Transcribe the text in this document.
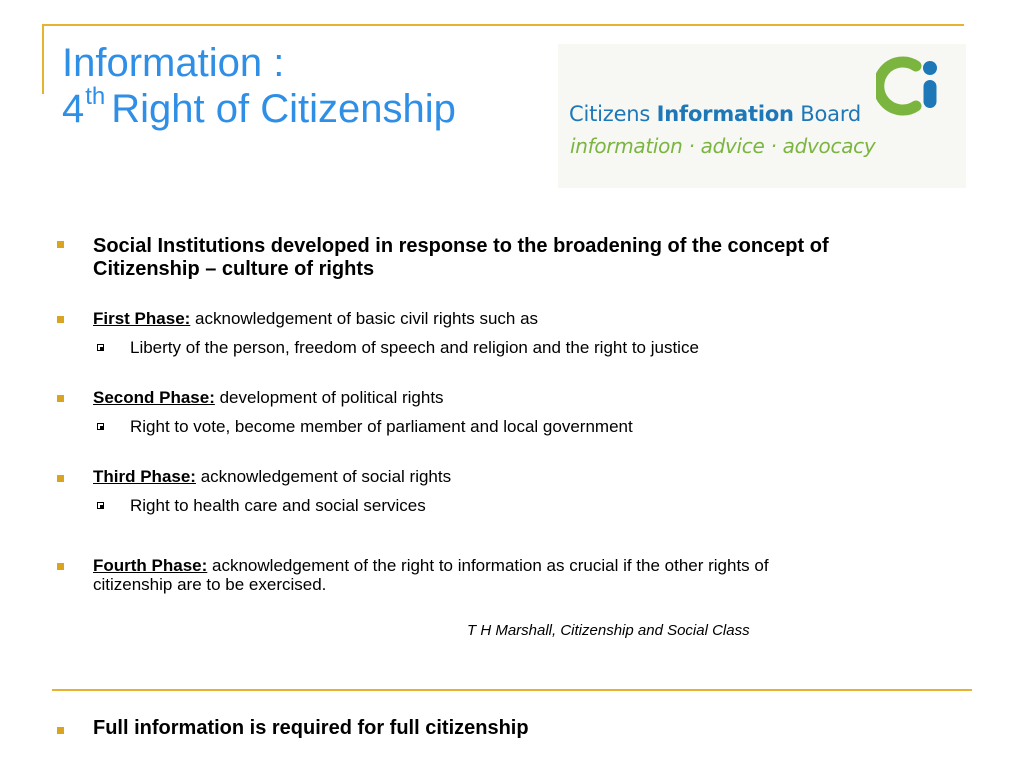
Information :
4th Right of Citizenship	Citizens Information Board
information · advice · advocacy
Social Institutions developed in response to the broadening of the concept of
Citizenship – culture of rights
First Phase: acknowledgement of basic civil rights such as
Liberty of the person, freedom of speech and religion and the right to justice
Second Phase: development of political rights
Right to vote, become member of parliament and local government
Third Phase: acknowledgement of social rights
Right to health care and social services
Fourth Phase: acknowledgement of the right to information as crucial if the other rights of
citizenship are to be exercised.
T H Marshall, Citizenship and Social Class
Full information is required for full citizenship
